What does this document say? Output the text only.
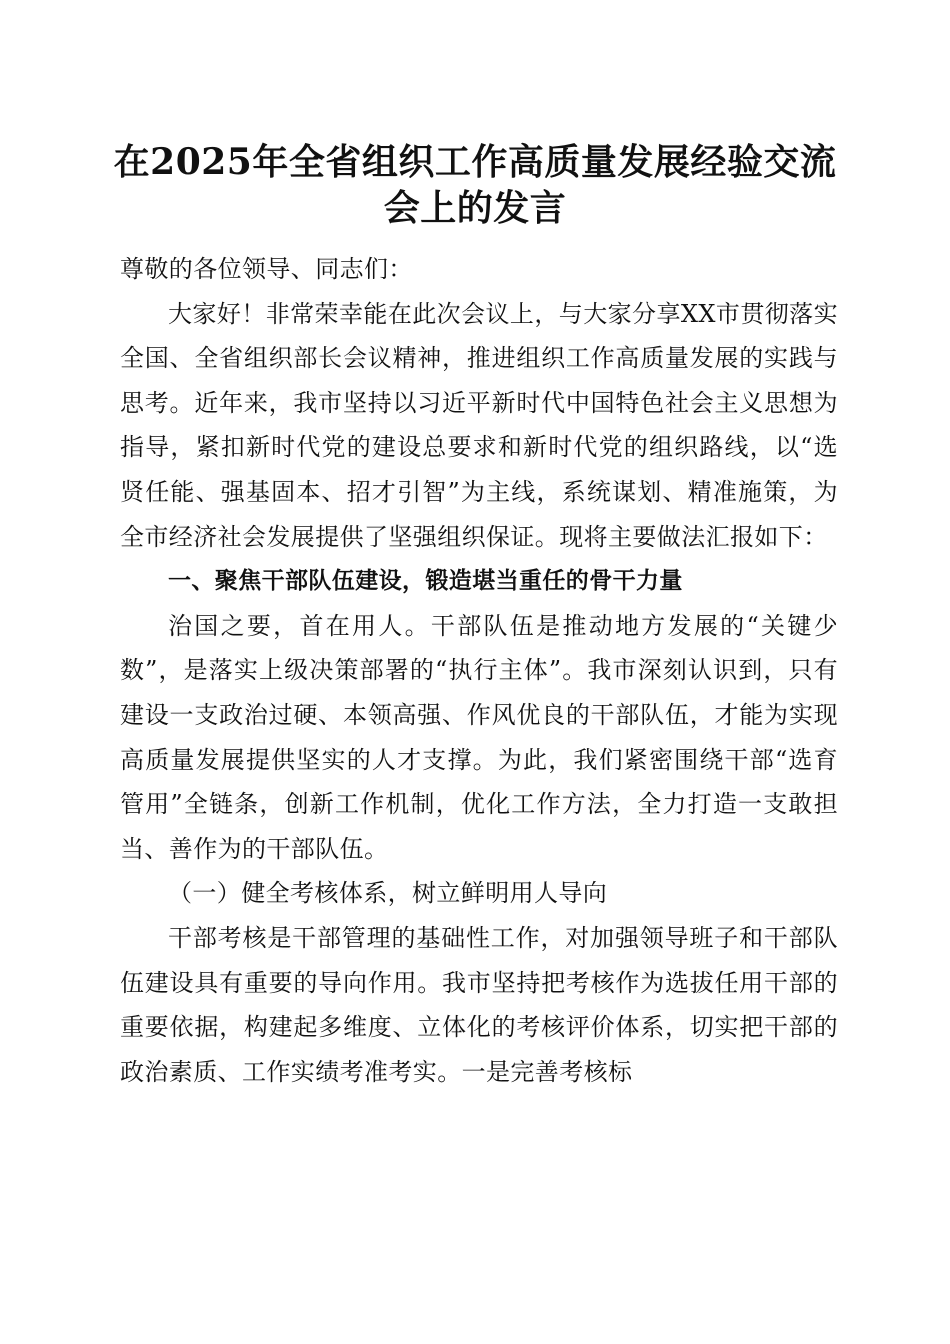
在2025年全省组织工作高质量发展经验交流
会上的发言

尊敬的各位领导、同志们：

大家好！非常荣幸能在此次会议上，与大家分享XX市贯彻落实全国、全省组织部长会议精神，推进组织工作高质量发展的实践与思考。近年来，我市坚持以习近平新时代中国特色社会主义思想为指导，紧扣新时代党的建设总要求和新时代党的组织路线，以“选贤任能、强基固本、招才引智”为主线，系统谋划、精准施策，为全市经济社会发展提供了坚强组织保证。现将主要做法汇报如下：

一、聚焦干部队伍建设，锻造堪当重任的骨干力量

治国之要，首在用人。干部队伍是推动地方发展的“关键少数”，是落实上级决策部署的“执行主体”。我市深刻认识到，只有建设一支政治过硬、本领高强、作风优良的干部队伍，才能为实现高质量发展提供坚实的人才支撑。为此，我们紧密围绕干部“选育管用”全链条，创新工作机制，优化工作方法，全力打造一支敢担当、善作为的干部队伍。

（一）健全考核体系，树立鲜明用人导向

干部考核是干部管理的基础性工作，对加强领导班子和干部队伍建设具有重要的导向作用。我市坚持把考核作为选拔任用干部的重要依据，构建起多维度、立体化的考核评价体系，切实把干部的政治素质、工作实绩考准考实。一是完善考核标
